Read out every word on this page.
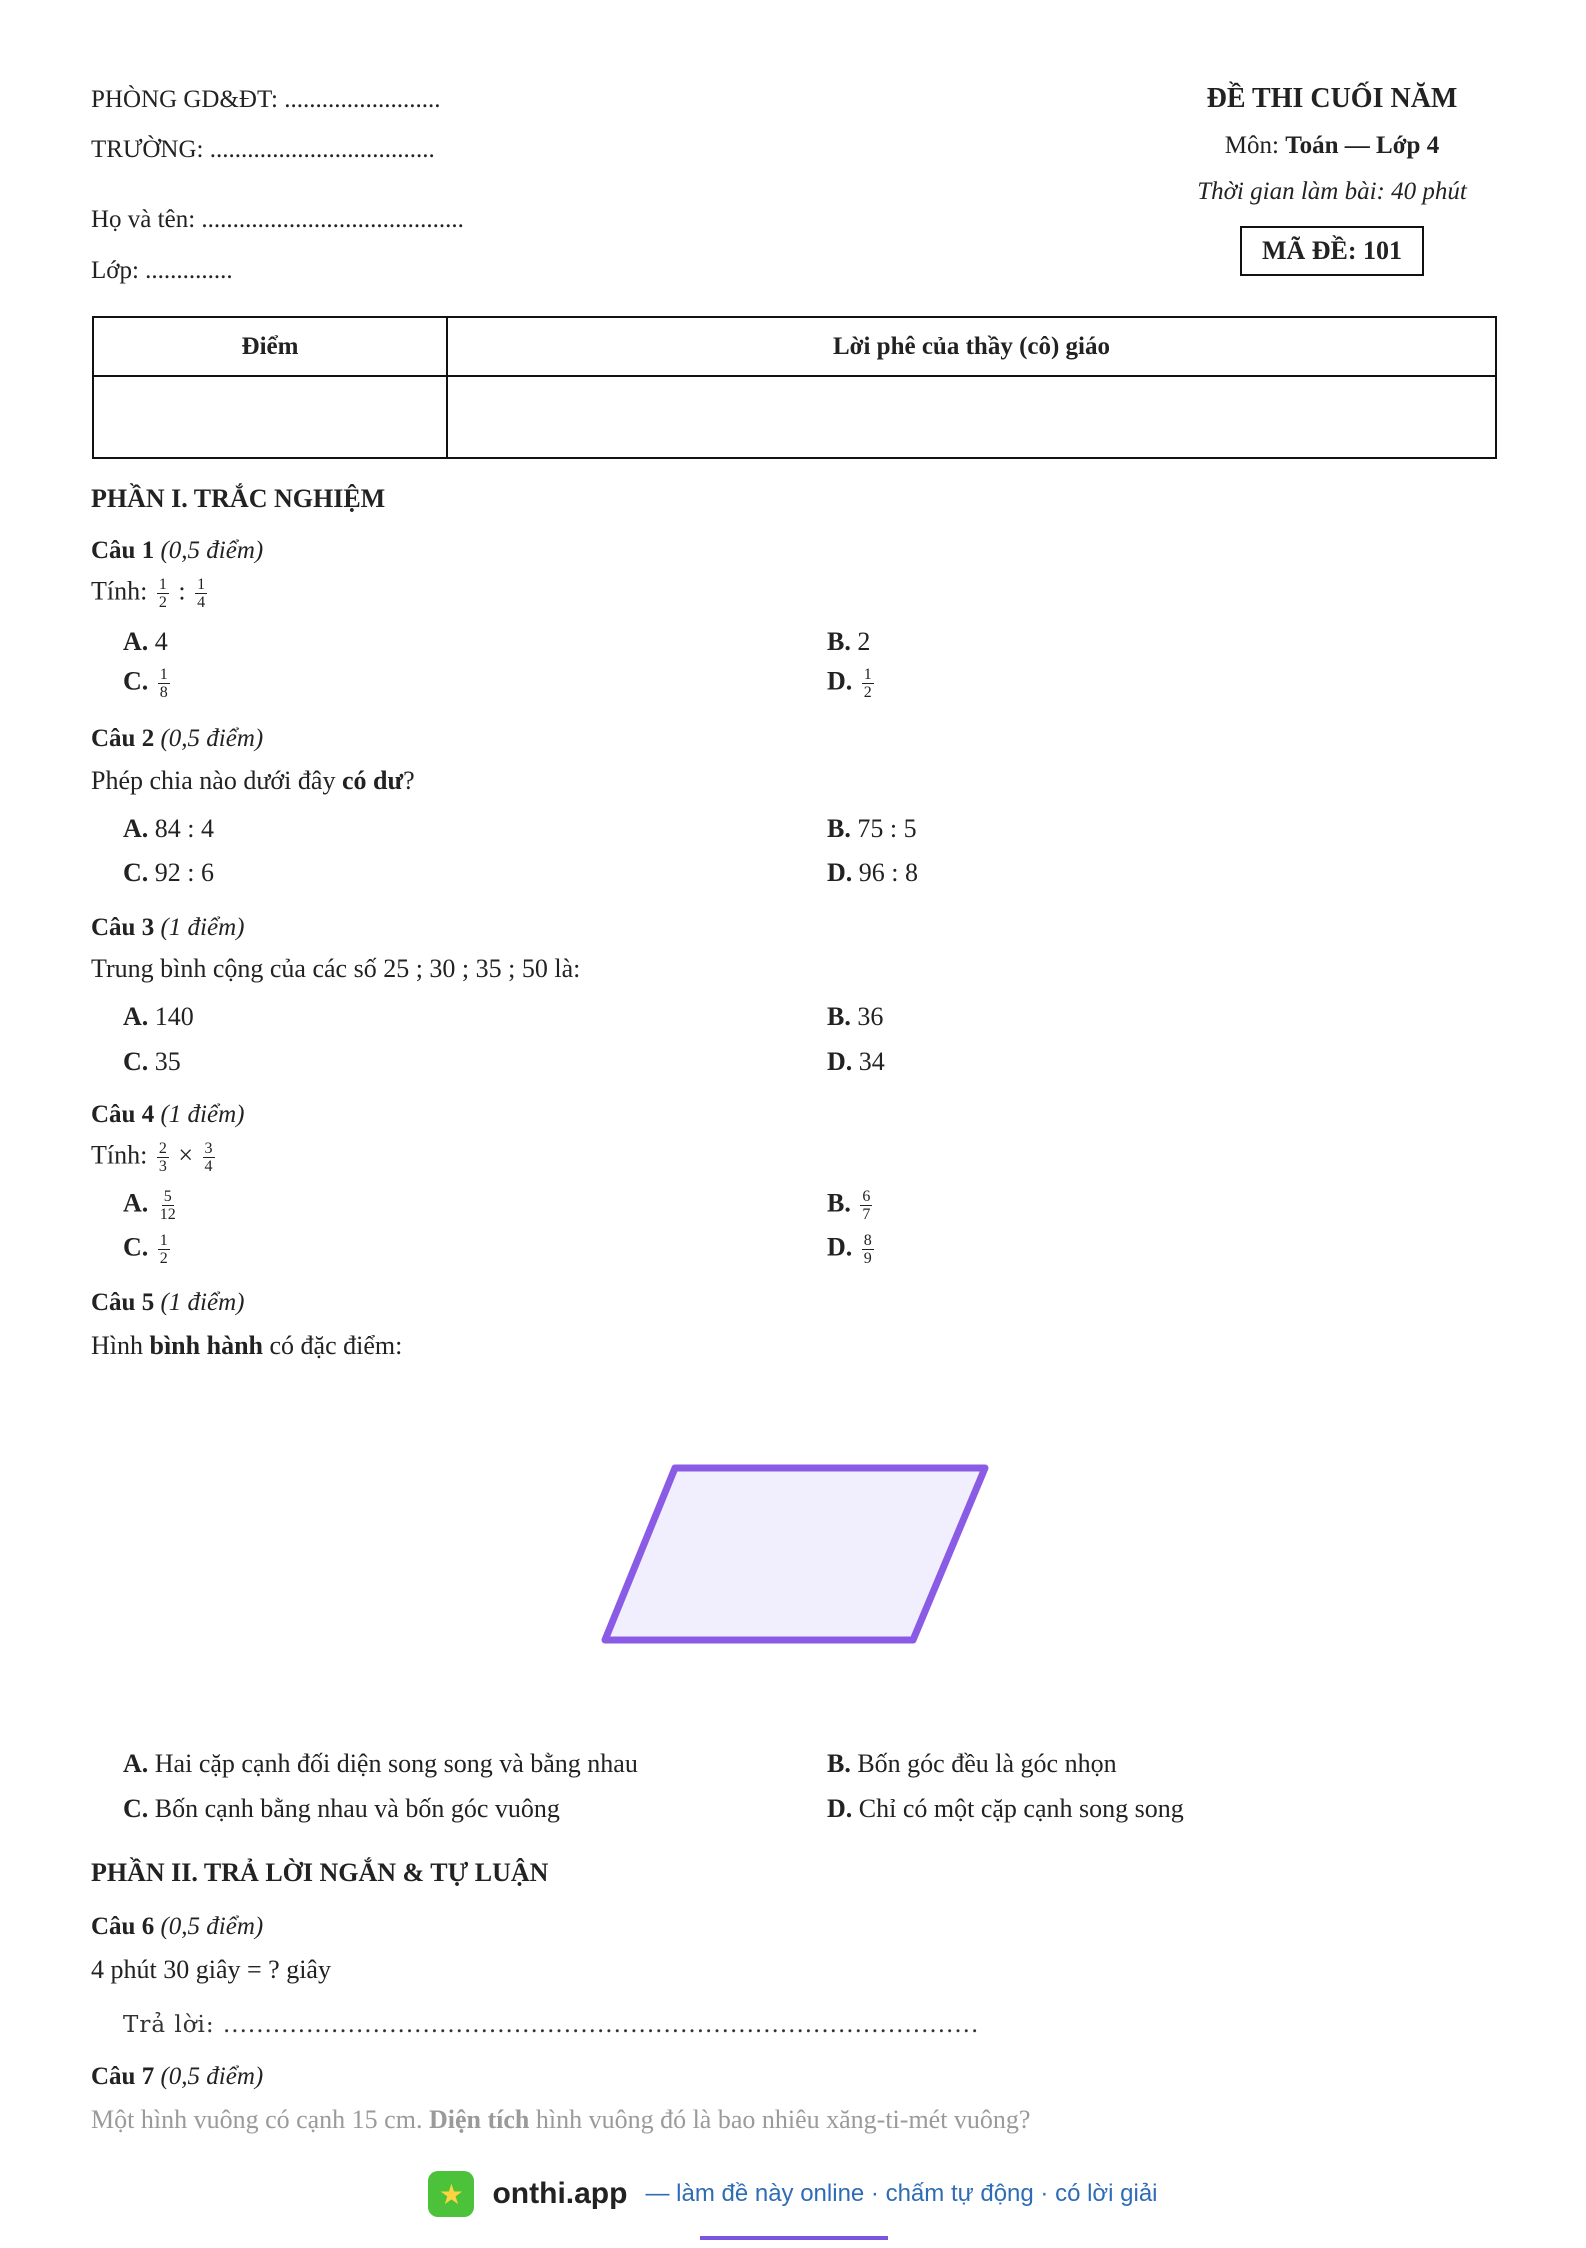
PHÒNG GD&ĐT: .........................
TRƯỜNG: ....................................
Họ và tên: ..........................................
Lớp: ..............
ĐỀ THI CUỐI NĂM
Môn: Toán — Lớp 4
Thời gian làm bài: 40 phút
MÃ ĐỀ: 101
Điểm	Lời phê của thầy (cô) giáo

PHẦN I. TRẮC NGHIỆM
Câu 1 (0,5 điểm)
Tính: $\frac{1}{2}$ : $\frac{1}{4}$
A. 4	B. 2
C. $\frac{1}{8}$	D. $\frac{1}{2}$
Câu 2 (0,5 điểm)
Phép chia nào dưới đây có dư?
A. 84 : 4	B. 75 : 5
C. 92 : 6	D. 96 : 8
Câu 3 (1 điểm)
Trung bình cộng của các số 25 ; 30 ; 35 ; 50 là:
A. 140	B. 36
C. 35	D. 34
Câu 4 (1 điểm)
Tính: $\frac{2}{3} \times \frac{3}{4}$
A. $\frac{5}{12}$	B. $\frac{6}{7}$
C. $\frac{1}{2}$	D. $\frac{8}{9}$
Câu 5 (1 điểm)
Hình bình hành có đặc điểm:
A. Hai cặp cạnh đối diện song song và bằng nhau	B. Bốn góc đều là góc nhọn
C. Bốn cạnh bằng nhau và bốn góc vuông	D. Chỉ có một cặp cạnh song song
PHẦN II. TRẢ LỜI NGẮN & TỰ LUẬN
Câu 6 (0,5 điểm)
4 phút 30 giây = ? giây
Trả lời: ...........................................................................................
Câu 7 (0,5 điểm)
Một hình vuông có cạnh 15 cm. Diện tích hình vuông đó là bao nhiêu xăng-ti-mét vuông?
★ onthi.app — làm đề này online · chấm tự động · có lời giải
